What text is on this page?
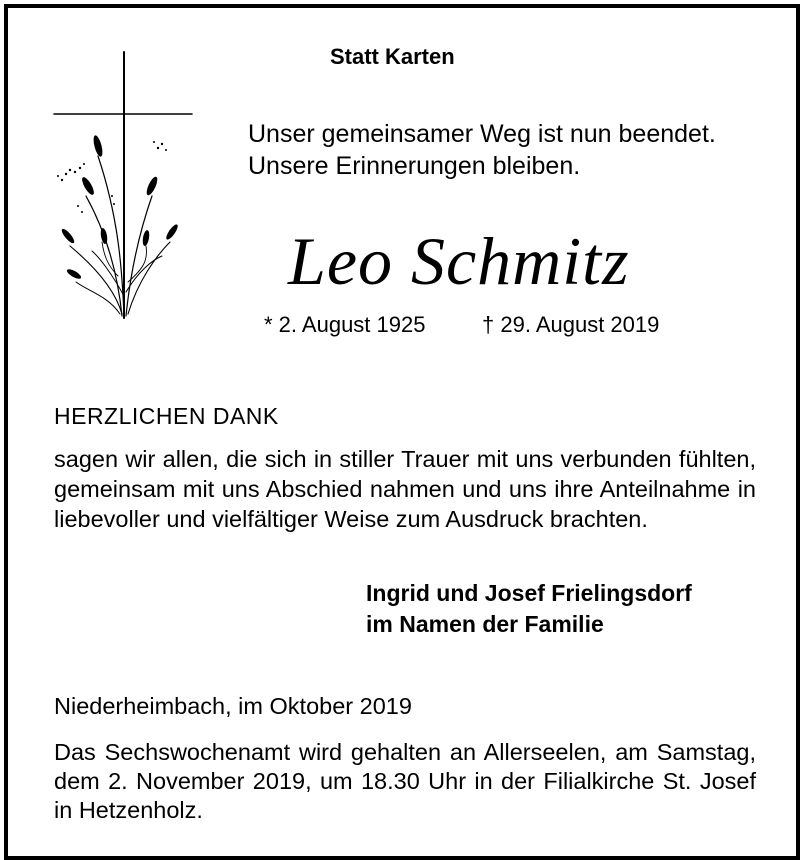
Statt Karten
Unser gemeinsamer Weg ist nun beendet.
Unsere Erinnerungen bleiben.
Leo Schmitz
* 2. August 1925	† 29. August 2019
HERZLICHEN DANK
sagen wir allen, die sich in stiller Trauer mit uns verbunden fühlten, gemeinsam mit uns Abschied nahmen und uns ihre Anteilnahme in liebevoller und vielfältiger Weise zum Ausdruck brachten.
Ingrid und Josef Frielingsdorf
im Namen der Familie
Niederheimbach, im Oktober 2019
Das Sechswochenamt wird gehalten an Allerseelen, am Samstag, dem 2. November 2019, um 18.30 Uhr in der Filialkirche St. Josef in Hetzenholz.
